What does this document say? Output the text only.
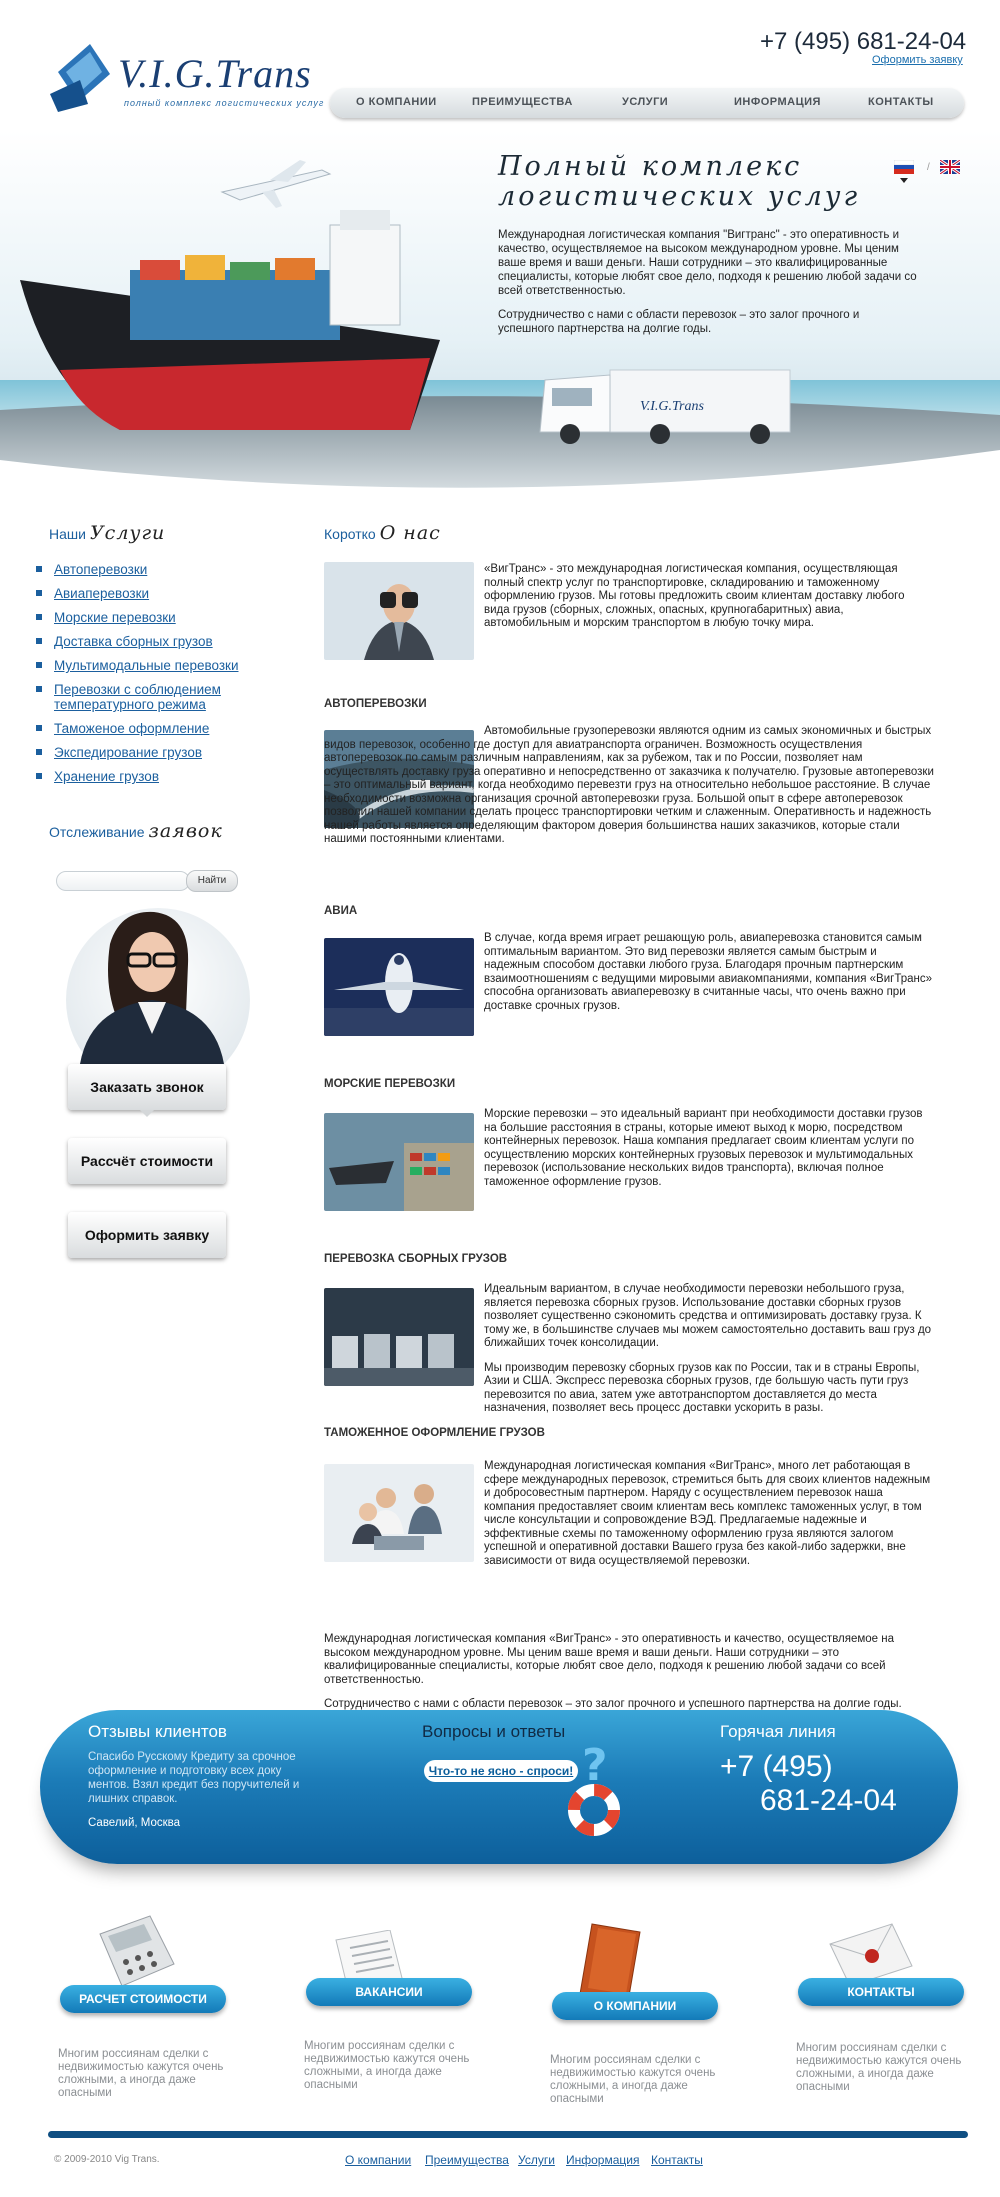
V.I.G.Trans
полный комплекс логистических услуг
+7 (495) 681-24-04
Оформить заявку
О КОМПАНИИ	ПРЕИМУЩЕСТВА	УСЛУГИ	ИНФОРМАЦИЯ	КОНТАКТЫ
V.I.G.Trans
Полный комплекс
логистических услуг

Международная логистическая компания "Вигтранс" - это оперативность и качество, осуществляемое на высоком международном уровне. Мы ценим ваше время и ваши деньги. Наши сотрудники – это квалифицированные специалисты, которые любят свое дело, подходя к решению любой задачи со всей ответственностью.

Сотрудничество с нами с области перевозок – это залог прочного и успешного партнерства на долгие годы.

/
Наши Услуги
Автоперевозки
Авиаперевозки
Морские перевозки
Доставка сборных грузов
Мультимодальные перевозки
Перевозки с соблюдением температурного режима
Таможеное оформление
Экспедирование грузов
Хранение грузов
Отслеживание заявок
Найти
Заказать звонок
Рассчёт стоимости
Оформить заявку
Коротко О нас
«ВигТранс» - это международная логистическая компания, осуществляющая полный спектр услуг по транспортировке, складированию и таможенному оформлению грузов. Мы готовы предложить своим клиентам доставку любого вида грузов (сборных, сложных, опасных, крупногабаритных) авиа, автомобильным и морским транспортом в любую точку мира.
АВТОПЕРЕВОЗКИ
Автомобильные грузоперевозки являются одним из самых экономичных и быстрых видов перевозок, особенно где доступ для авиатранспорта ограничен. Возможность осуществления автоперевозок по самым различным направлениям, как за рубежом, так и по России, позволяет нам осуществлять доставку груза оперативно и непосредственно от заказчика к получателю. Грузовые автоперевозки – это оптимальный вариант, когда необходимо перевезти груз на относительно небольшое расстояние. В случае необходимости возможна организация срочной автоперевозки груза. Большой опыт в сфере автоперевозок позволил нашей компании сделать процесс транспортировки четким и слаженным. Оперативность и надежность нашей работы является определяющим фактором доверия большинства наших заказчиков, которые стали нашими постоянными клиентами.
АВИА
В случае, когда время играет решающую роль, авиаперевозка становится самым оптимальным вариантом. Это вид перевозки является самым быстрым и надежным способом доставки любого груза. Благодаря прочным партнерским взаимоотношениям с ведущими мировыми авиакомпаниями, компания «ВигТранс» способна организовать авиаперевозку в считанные часы, что очень важно при доставке срочных грузов.
МОРСКИЕ ПЕРЕВОЗКИ
Морские перевозки – это идеальный вариант при необходимости доставки грузов на большие расстояния в страны, которые имеют выход к морю, посредством контейнерных перевозок. Наша компания предлагает своим клиентам услуги по осуществлению морских контейнерных грузовых перевозок и мультимодальных перевозок (использование нескольких видов транспорта), включая полное таможенное оформление грузов.
ПЕРЕВОЗКА СБОРНЫХ ГРУЗОВ

Идеальным вариантом, в случае необходимости перевозки небольшого груза, является перевозка сборных грузов. Использование доставки сборных грузов позволяет существенно сэкономить средства и оптимизировать доставку груза. К тому же, в большинстве случаев мы можем самостоятельно доставить ваш груз до ближайших точек консолидации.

Мы производим перевозку сборных грузов как по России, так и в страны Европы, Азии и США. Экспресс перевозка сборных грузов, где большую часть пути груз перевозится по авиа, затем уже автотранспортом доставляется до места назначения, позволяет весь процесс доставки ускорить в разы.

ТАМОЖЕННОЕ ОФОРМЛЕНИЕ ГРУЗОВ
Международная логистическая компания «ВигТранс», много лет работающая в сфере международных перевозок, стремиться быть для своих клиентов надежным и добросовестным партнером. Наряду с осуществлением перевозок наша компания предоставляет своим клиентам весь комплекс таможенных услуг, в том числе консультации и сопровождение ВЭД. Предлагаемые надежные и эффективные схемы по таможенному оформлению груза являются залогом успешной и оперативной доставки Вашего груза без какой-либо задержки, вне зависимости от вида осуществляемой перевозки.

Международная логистическая компания «ВигТранс» - это оперативность и качество, осуществляемое на высоком международном уровне. Мы ценим ваше время и ваши деньги. Наши сотрудники – это квалифицированные специалисты, которые любят свое дело, подходя к решению любой задачи со всей ответственностью.

Сотрудничество с нами с области перевозок – это залог прочного и успешного партнерства на долгие годы.

Отзывы клиентов
Спасибо Русскому Кредиту за срочное оформление и подготовку всех доку ментов. Взял кредит без поручителей и лишних справок.
Савелий, Москва
Вопросы и ответы
Что-то не ясно - спроси! ?
Горячая линия
+7 (495)
681-24-04
РАСЧЕТ СТОИМОСТИ
Многим россиянам сделки с недвижимостью кажутся очень сложными, а иногда даже опасными
ВАКАНСИИ
Многим россиянам сделки с недвижимостью кажутся очень сложными, а иногда даже опасными
О КОМПАНИИ
Многим россиянам сделки с недвижимостью кажутся очень сложными, а иногда даже опасными
КОНТАКТЫ
Многим россиянам сделки с недвижимостью кажутся очень сложными, а иногда даже опасными
© 2009-2010 Vig Trans.	О компании Преимущества Услуги Информация Контакты
